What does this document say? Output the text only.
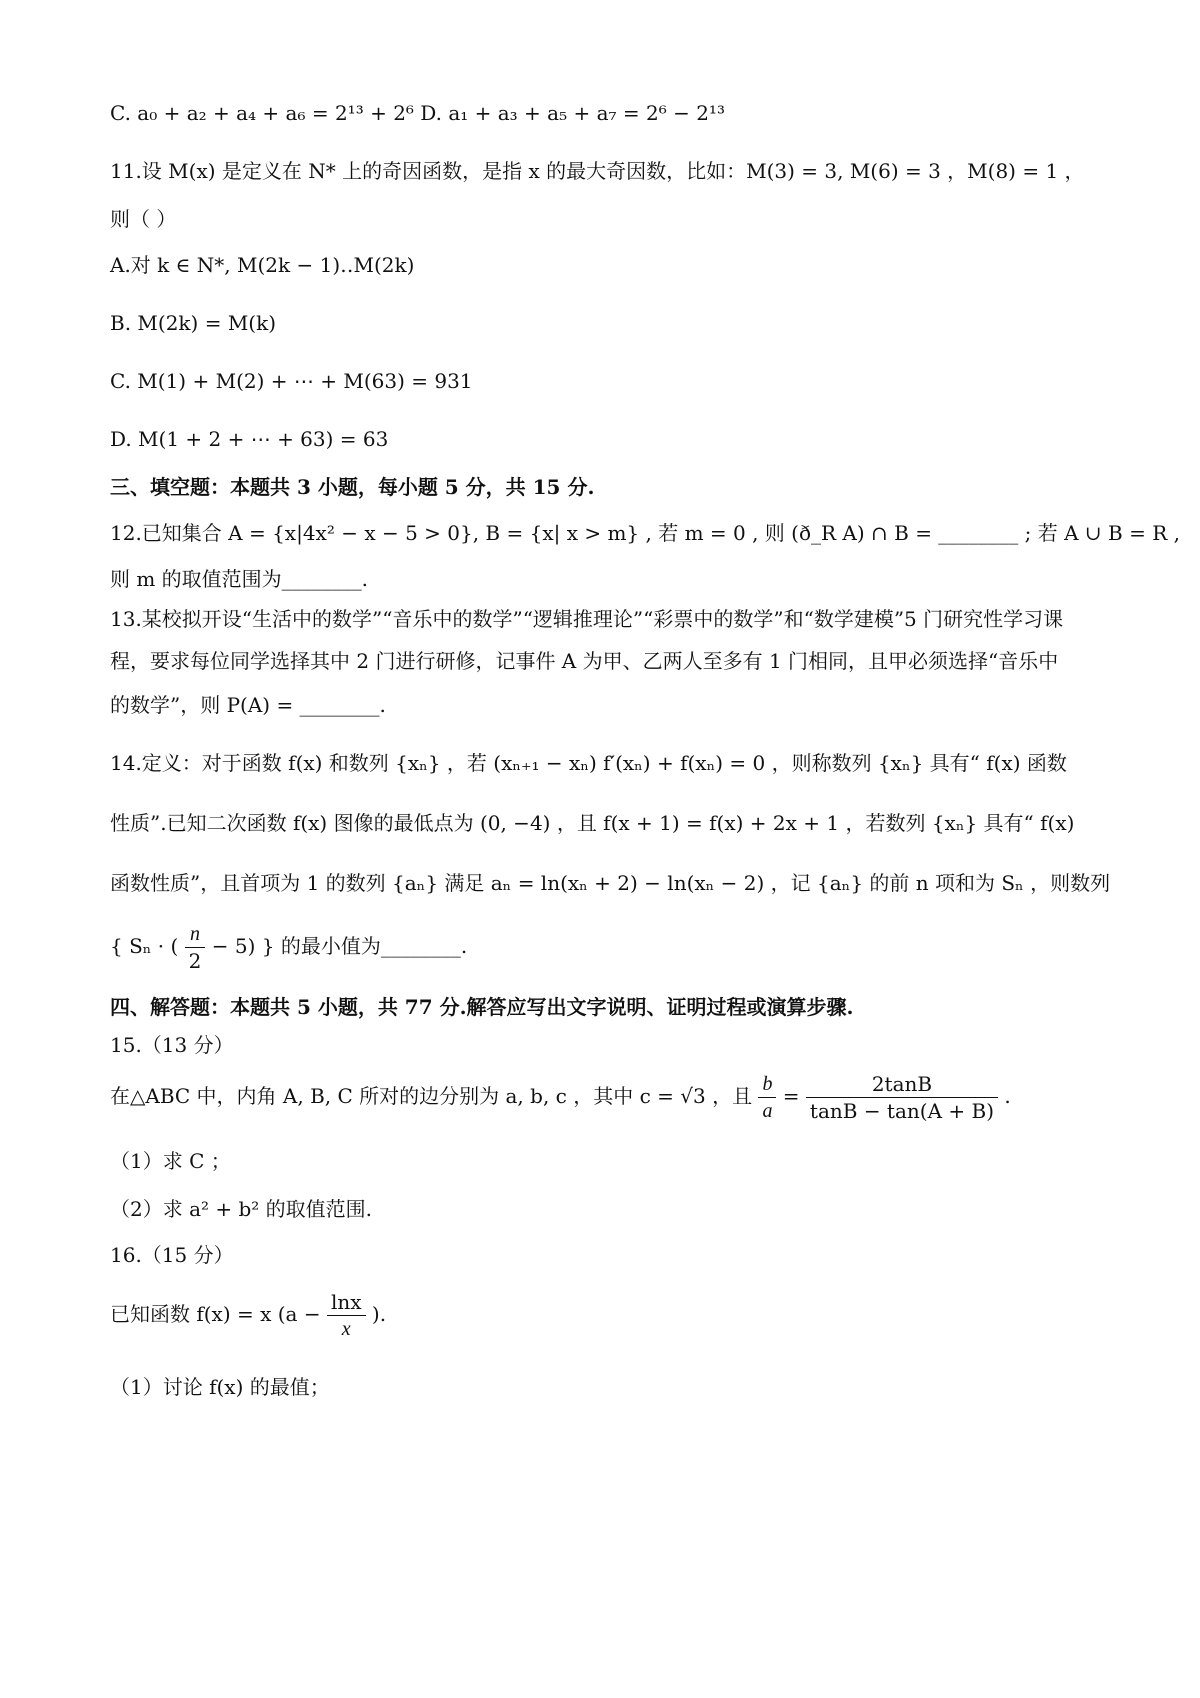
C. a₀ + a₂ + a₄ + a₆ = 2¹³ + 2⁶ D. a₁ + a₃ + a₅ + a₇ = 2⁶ − 2¹³
11.设 M(x) 是定义在 N* 上的奇因函数，是指 x 的最大奇因数，比如：M(3) = 3, M(6) = 3 ，M(8) = 1 ，
则（ ）
A.对 k ∈ N*, M(2k − 1)‥M(2k)
B. M(2k) = M(k)
C. M(1) + M(2) + ⋯ + M(63) = 931
D. M(1 + 2 + ⋯ + 63) = 63
三、填空题：本题共 3 小题，每小题 5 分，共 15 分.
12.已知集合 A = {x|4x² − x − 5 > 0}, B = {x| x > m} , 若 m = 0 , 则 (ð_R A) ∩ B = ________ ; 若 A ∪ B = R ,
则 m 的取值范围为________.
13.某校拟开设“生活中的数学”“音乐中的数学”“逻辑推理论”“彩票中的数学”和“数学建模”5 门研究性学习课
程，要求每位同学选择其中 2 门进行研修，记事件 A 为甲、乙两人至多有 1 门相同，且甲必须选择“音乐中
的数学”，则 P(A) = ________.
14.定义：对于函数 f(x) 和数列 {xₙ} ，若 (xₙ₊₁ − xₙ) f′(xₙ) + f(xₙ) = 0 ，则称数列 {xₙ} 具有“ f(x) 函数
性质”.已知二次函数 f(x) 图像的最低点为 (0, −4) ，且 f(x + 1) = f(x) + 2x + 1 ，若数列 {xₙ} 具有“ f(x)
函数性质”，且首项为 1 的数列 {aₙ} 满足 aₙ = ln(xₙ + 2) − ln(xₙ − 2) ，记 {aₙ} 的前 n 项和为 Sₙ ，则数列
{ Sₙ · ( $\frac{n}{2} - 5$) } 的最小值为________.
四、解答题：本题共 5 小题，共 77 分.解答应写出文字说明、证明过程或演算步骤.
15.（13 分）
在△ABC 中，内角 A, B, C 所对的边分别为 a, b, c ，其中 c = √3 ，且 $\frac{b}{a} = \frac{2\tan B}{\tan B - \tan(A + B)}$ .
（1）求 C ；
（2）求 a² + b² 的取值范围.
16.（15 分）
已知函数 f(x) = x ($a - \frac{\ln x}{x}$ ).
（1）讨论 f(x) 的最值；
